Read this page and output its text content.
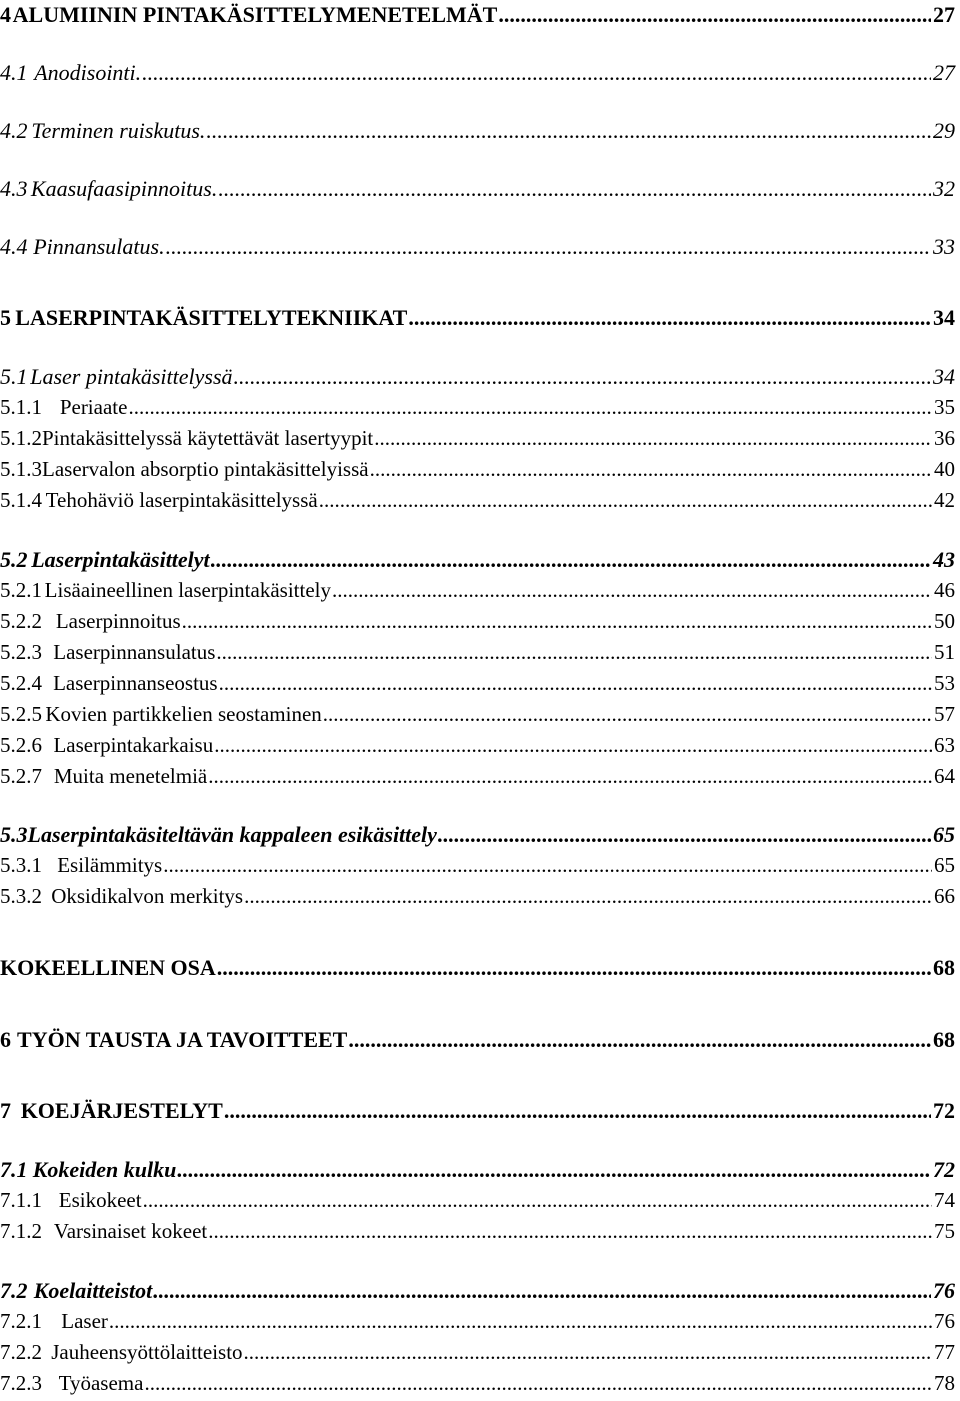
4 ALUMIININ PINTAKÄSITTELYMENETELMÄT .....	27
4.1 Anodisointi. .....	27
4.2 Terminen ruiskutus. .....	29
4.3 Kaasufaasipinnoitus. .....	32
4.4 Pinnansulatus. .....	33
5 LASERPINTAKÄSITTELYTEKNIIKAT .....	34
5.1 Laser pintakäsittelyssä .....	34
5.1.1 Periaate .....	35
5.1.2 Pintakäsittelyssä käytettävät lasertyypit .....	36
5.1.3 Laservalon absorptio pintakäsittelyissä .....	40
5.1.4 Tehohäviö laserpintakäsittelyssä .....	42
5.2 Laserpintakäsittelyt .....	43
5.2.1 Lisäaineellinen laserpintakäsittely .....	46
5.2.2 Laserpinnoitus .....	50
5.2.3 Laserpinnansulatus .....	51
5.2.4 Laserpinnanseostus .....	53
5.2.5 Kovien partikkelien seostaminen .....	57
5.2.6 Laserpintakarkaisu .....	63
5.2.7 Muita menetelmiä .....	64
5.3 Laserpintakäsiteltävän kappaleen esikäsittely .....	65
5.3.1 Esilämmitys .....	65
5.3.2 Oksidikalvon merkitys .....	66
KOKEELLINEN OSA .....	68
6 TYÖN TAUSTA JA TAVOITTEET .....	68
7 KOEJÄRJESTELYT .....	72
7.1 Kokeiden kulku .....	72
7.1.1 Esikokeet .....	74
7.1.2 Varsinaiset kokeet .....	75
7.2 Koelaitteistot .....	76
7.2.1 Laser .....	76
7.2.2 Jauheensyöttölaitteisto .....	77
7.2.3 Työasema .....	78
